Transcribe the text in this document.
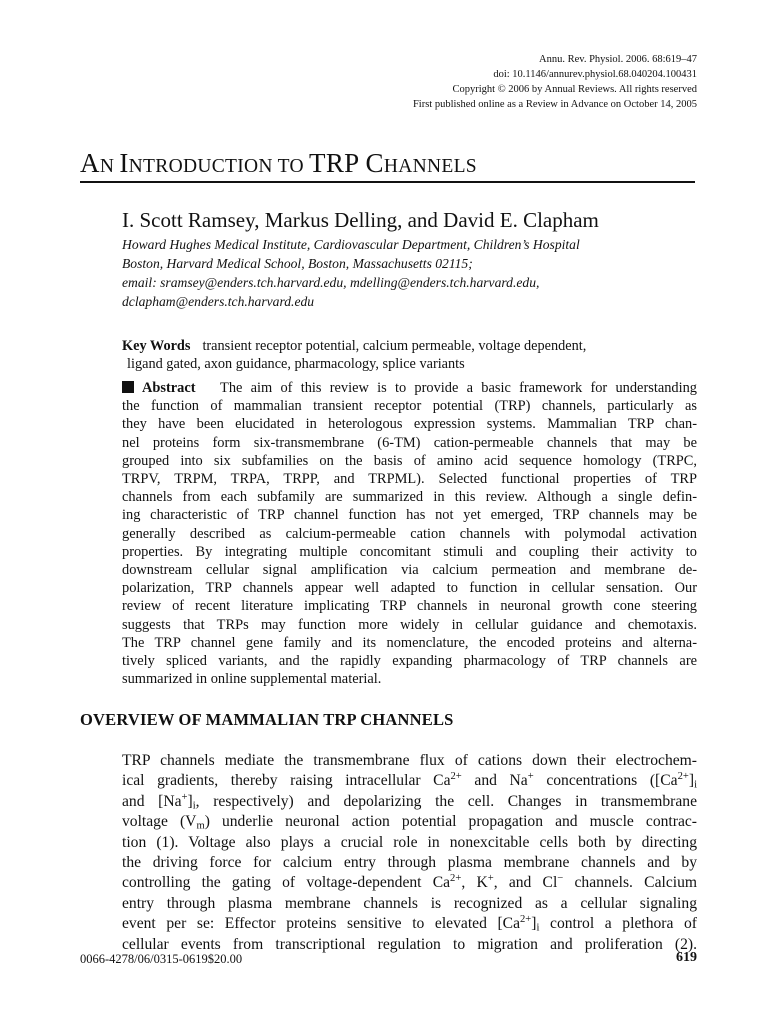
Annu. Rev. Physiol. 2006. 68:619–47
doi: 10.1146/annurev.physiol.68.040204.100431
Copyright © 2006 by Annual Reviews. All rights reserved
First published online as a Review in Advance on October 14, 2005
AN INTRODUCTION TO TRP CHANNELS
I. Scott Ramsey, Markus Delling, and David E. Clapham
Howard Hughes Medical Institute, Cardiovascular Department, Children’s Hospital
Boston, Harvard Medical School, Boston, Massachusetts 02115;
email: sramsey@enders.tch.harvard.edu, mdelling@enders.tch.harvard.edu,
dclapham@enders.tch.harvard.edu
Key Words transient receptor potential, calcium permeable, voltage dependent,
ligand gated, axon guidance, pharmacology, splice variants
Abstract The aim of this review is to provide a basic framework for understanding
the function of mammalian transient receptor potential (TRP) channels, particularly as
they have been elucidated in heterologous expression systems. Mammalian TRP chan-
nel proteins form six-transmembrane (6-TM) cation-permeable channels that may be
grouped into six subfamilies on the basis of amino acid sequence homology (TRPC,
TRPV, TRPM, TRPA, TRPP, and TRPML). Selected functional properties of TRP
channels from each subfamily are summarized in this review. Although a single defin-
ing characteristic of TRP channel function has not yet emerged, TRP channels may be
generally described as calcium-permeable cation channels with polymodal activation
properties. By integrating multiple concomitant stimuli and coupling their activity to
downstream cellular signal amplification via calcium permeation and membrane de-
polarization, TRP channels appear well adapted to function in cellular sensation. Our
review of recent literature implicating TRP channels in neuronal growth cone steering
suggests that TRPs may function more widely in cellular guidance and chemotaxis.
The TRP channel gene family and its nomenclature, the encoded proteins and alterna-
tively spliced variants, and the rapidly expanding pharmacology of TRP channels are
summarized in online supplemental material.
OVERVIEW OF MAMMALIAN TRP CHANNELS
TRP channels mediate the transmembrane flux of cations down their electrochem-
ical gradients, thereby raising intracellular $Ca^{2+}$ and Na+ concentrations ($[Ca^{2+}]_i$
and $[Na^+]_i$, respectively) and depolarizing the cell. Changes in transmembrane
voltage $(V_m)$ underlie neuronal action potential propagation and muscle contrac-
tion (1). Voltage also plays a crucial role in nonexcitable cells both by directing
the driving force for calcium entry through plasma membrane channels and by
controlling the gating of voltage-dependent $Ca^{2+}$, K+, and Cl− channels. Calcium
entry through plasma membrane channels is recognized as a cellular signaling
event per se: Effector proteins sensitive to elevated $[Ca^{2+}]_i$ control a plethora of
cellular events from transcriptional regulation to migration and proliferation (2).
0066-4278/06/0315-0619$20.00	619
